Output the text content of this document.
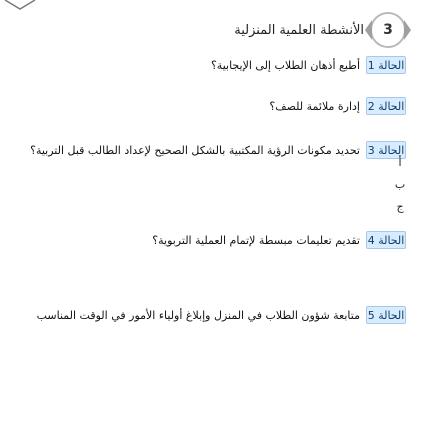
3
الأنشطة العلمية المنزلية
الحالة 1
أطبع أذهان الطلاب إلى الإيجابية؟
الحالة 2
إدارة ملائمة للصف؟
الحالة 3
تحديد مكونات الرؤية المكتبية بالشكل الصحيح لإعداد الطالب قبل التربية؟
أ
ب
ج
الحالة 4
تقديم تعليمات مبسطة لإتمام العملية التربوية؟
الحالة 5
متابعة شؤون الطلاب في المنزل وإبلاغ أولياء الأمور في الوقت المناسب
